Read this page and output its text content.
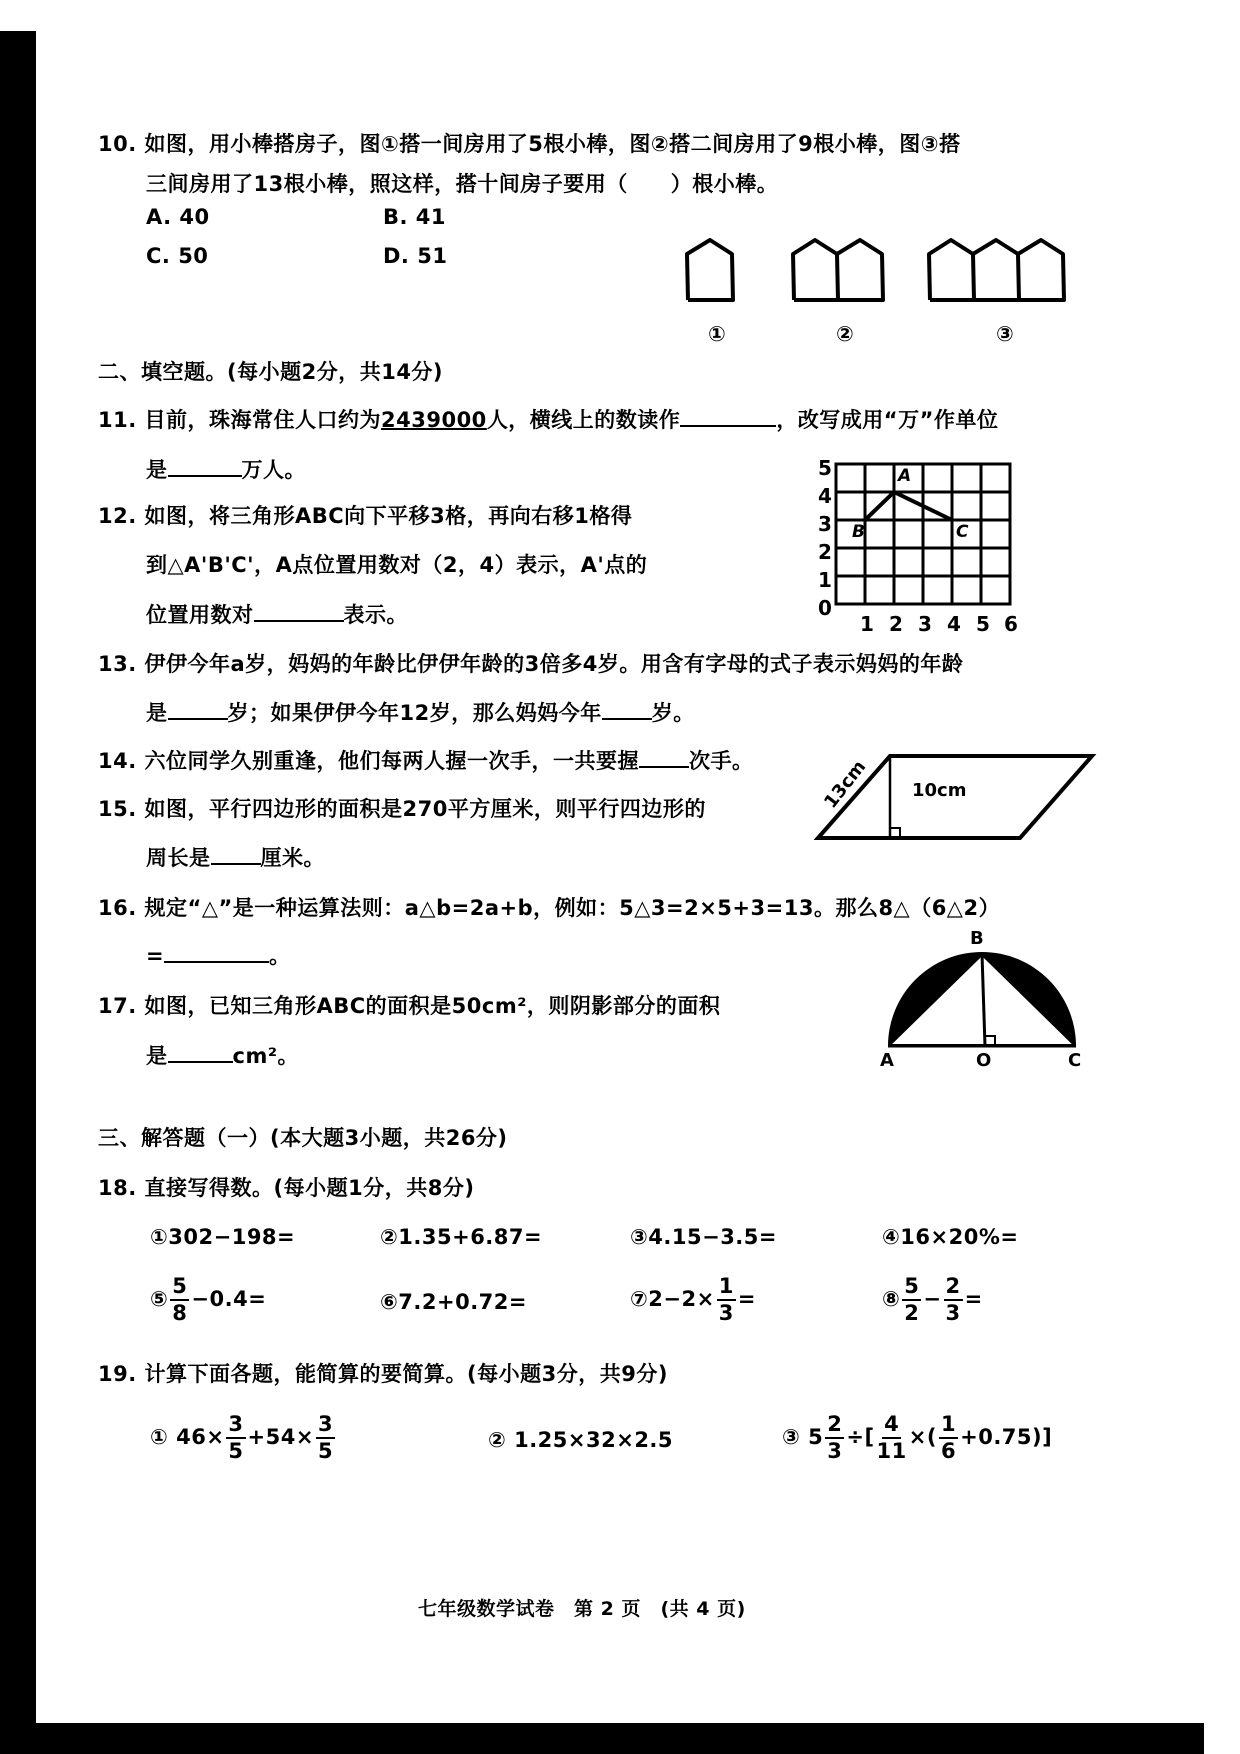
10. 如图，用小棒搭房子，图①搭一间房用了5根小棒，图②搭二间房用了9根小棒，图③搭
三间房用了13根小棒，照这样，搭十间房子要用（　　）根小棒。
A. 40	B. 41
C. 50	D. 51
①	②	③
二、填空题。(每小题2分，共14分)
11. 目前，珠海常住人口约为2439000人，横线上的数读作	，改写成用“万”作单位
是	万人。
12. 如图，将三角形ABC向下平移3格，再向右移1格得
到△A'B'C'，A点位置用数对（2，4）表示，A'点的
位置用数对	表示。
5
4
3
2
1
0
1 2 3 4 5 6
A
B	C
13. 伊伊今年a岁，妈妈的年龄比伊伊年龄的3倍多4岁。用含有字母的式子表示妈妈的年龄
是	岁；如果伊伊今年12岁，那么妈妈今年 岁。
14. 六位同学久别重逢，他们每两人握一次手，一共要握 次手。
15. 如图，平行四边形的面积是270平方厘米，则平行四边形的
周长是 厘米。
13cm 10cm
16. 规定“△”是一种运算法则：a△b=2a+b，例如：5△3=2×5+3=13。那么8△（6△2）
=	。
17. 如图，已知三角形ABC的面积是50cm²，则阴影部分的面积
是	cm²。
B
A	O	C
三、解答题（一）(本大题3小题，共26分)
18. 直接写得数。(每小题1分，共8分)
①302−198=	②1.35+6.87=	③4.15−3.5=	④16×20%=
⑤ $\frac{5}{8} -0.4=$	⑥7.2+0.72=	⑦2−2× $\frac{1}{3}$ =	⑧ $\frac{5}{2} - \frac{2}{3}$ =
19. 计算下面各题，能简算的要简算。(每小题3分，共9分)
① $46\times \frac{3}{5} +54\times \frac{3}{5}$	② 1.25×32×2.5	③ $5 \frac{2}{3}$ ÷[ $\frac{4}{11}$ ×( $\frac{1}{6} +0.75$)]
七年级数学试卷　第 2 页　(共 4 页)
